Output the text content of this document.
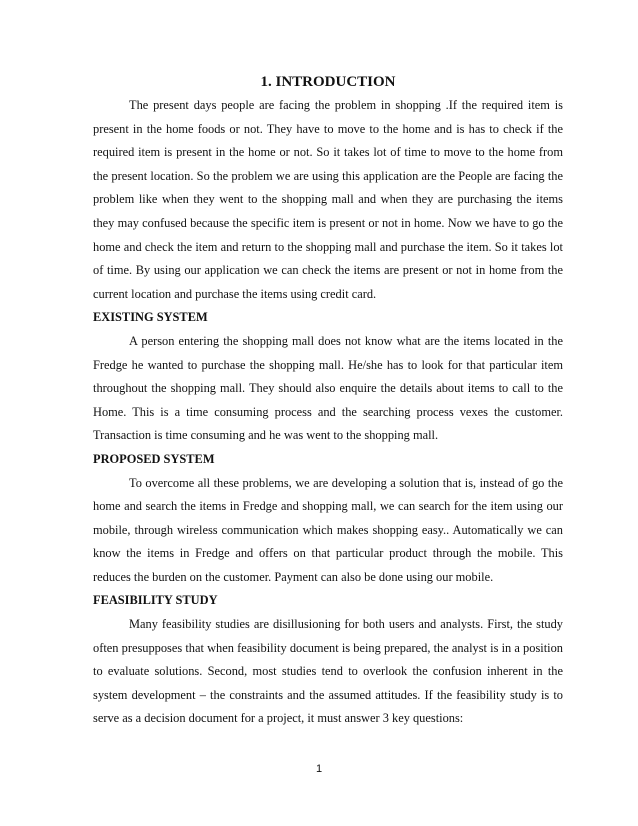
1. INTRODUCTION

The present days people are facing the problem in shopping .If the required item is present in the home foods or not. They have to move to the home and is has to check if the required item is present in the home or not. So it takes lot of time to move to the home from the present location. So the problem we are using this application are the People are facing the problem like when they went to the shopping mall and when they are purchasing the items they may confused because the specific item is present or not in home. Now we have to go the home and check the item and return to the shopping mall and purchase the item. So it takes lot of time. By using our application we can check the items are present or not in home from the current location and purchase the items using credit card.

EXISTING SYSTEM

A person entering the shopping mall does not know what are the items located in the Fredge he wanted to purchase the shopping mall. He/she has to look for that particular item throughout the shopping mall. They should also enquire the details about items to call to the Home. This is a time consuming process and the searching process vexes the customer. Transaction is time consuming and he was went to the shopping mall.

PROPOSED SYSTEM

To overcome all these problems, we are developing a solution that is, instead of go the home and search the items in Fredge and shopping mall, we can search for the item using our mobile, through wireless communication which makes shopping easy.. Automatically we can know the items in Fredge and offers on that particular product through the mobile. This reduces the burden on the customer. Payment can also be done using our mobile.

FEASIBILITY STUDY

Many feasibility studies are disillusioning for both users and analysts. First, the study often presupposes that when feasibility document is being prepared, the analyst is in a position to evaluate solutions. Second, most studies tend to overlook the confusion inherent in the system development – the constraints and the assumed attitudes. If the feasibility study is to serve as a decision document for a project, it must answer 3 key questions:

1
